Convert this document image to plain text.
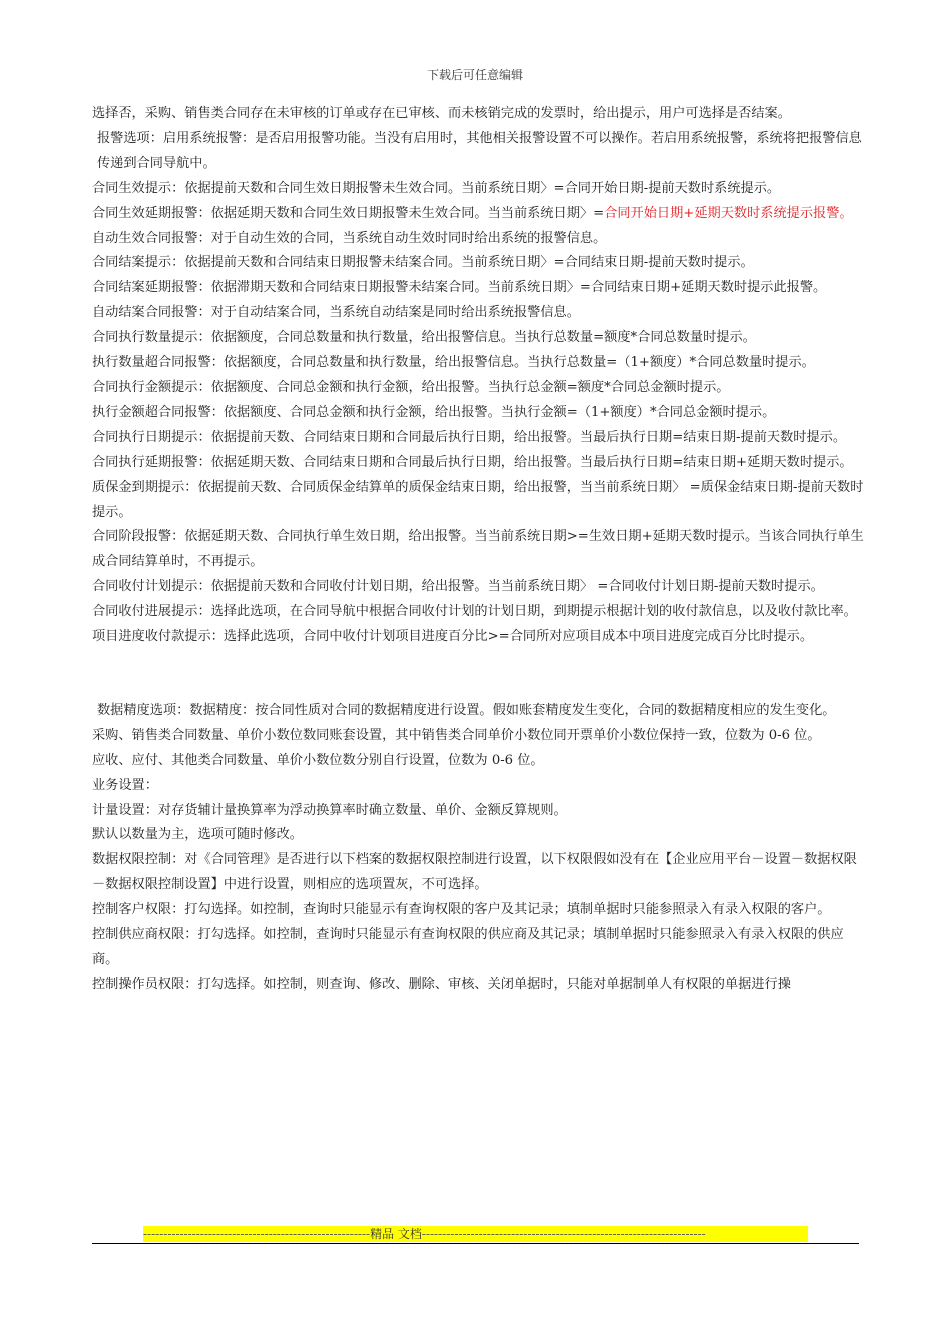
下载后可任意编辑

选择否，采购、销售类合同存在未审核的订单或存在已审核、而未核销完成的发票时，给出提示，用户可选择是否结案。

报警选项：启用系统报警：是否启用报警功能。当没有启用时，其他相关报警设置不可以操作。若启用系统报警，系统将把报警信息传递到合同导航中。

合同生效提示：依据提前天数和合同生效日期报警未生效合同。当前系统日期〉=合同开始日期-提前天数时系统提示。

合同生效延期报警：依据延期天数和合同生效日期报警未生效合同。当当前系统日期〉=合同开始日期+延期天数时系统提示报警。

自动生效合同报警：对于自动生效的合同，当系统自动生效时同时给出系统的报警信息。

合同结案提示：依据提前天数和合同结束日期报警未结案合同。当前系统日期〉=合同结束日期-提前天数时提示。

合同结案延期报警：依据滞期天数和合同结束日期报警未结案合同。当前系统日期〉=合同结束日期+延期天数时提示此报警。

自动结案合同报警：对于自动结案合同，当系统自动结案是同时给出系统报警信息。

合同执行数量提示：依据额度，合同总数量和执行数量，给出报警信息。当执行总数量=额度*合同总数量时提示。

执行数量超合同报警：依据额度，合同总数量和执行数量，给出报警信息。当执行总数量=（1+额度）*合同总数量时提示。

合同执行金额提示：依据额度、合同总金额和执行金额，给出报警。当执行总金额=额度*合同总金额时提示。

执行金额超合同报警：依据额度、合同总金额和执行金额，给出报警。当执行金额=（1+额度）*合同总金额时提示。

合同执行日期提示：依据提前天数、合同结束日期和合同最后执行日期，给出报警。当最后执行日期=结束日期-提前天数时提示。

合同执行延期报警：依据延期天数、合同结束日期和合同最后执行日期，给出报警。当最后执行日期=结束日期+延期天数时提示。

质保金到期提示：依据提前天数、合同质保金结算单的质保金结束日期，给出报警，当当前系统日期〉 =质保金结束日期-提前天数时提示。

合同阶段报警：依据延期天数、合同执行单生效日期，给出报警。当当前系统日期>=生效日期+延期天数时提示。当该合同执行单生成合同结算单时，不再提示。

合同收付计划提示：依据提前天数和合同收付计划日期，给出报警。当当前系统日期〉 =合同收付计划日期-提前天数时提示。

合同收付进展提示：选择此选项，在合同导航中根据合同收付计划的计划日期，到期提示根据计划的收付款信息，以及收付款比率。

项目进度收付款提示：选择此选项，合同中收付计划项目进度百分比>=合同所对应项目成本中项目进度完成百分比时提示。

数据精度选项：数据精度：按合同性质对合同的数据精度进行设置。假如账套精度发生变化，合同的数据精度相应的发生变化。

采购、销售类合同数量、单价小数位数同账套设置，其中销售类合同单价小数位同开票单价小数位保持一致，位数为 0-6 位。

应收、应付、其他类合同数量、单价小数位数分别自行设置，位数为 0-6 位。

业务设置：

计量设置：对存货辅计量换算率为浮动换算率时确立数量、单价、金额反算规则。

默认以数量为主，选项可随时修改。

数据权限控制：对《合同管理》是否进行以下档案的数据权限控制进行设置，以下权限假如没有在【企业应用平台－设置－数据权限－数据权限控制设置】中进行设置，则相应的选项置灰，不可选择。

控制客户权限：打勾选择。如控制，查询时只能显示有查询权限的客户及其记录；填制单据时只能参照录入有录入权限的客户。

控制供应商权限：打勾选择。如控制，查询时只能显示有查询权限的供应商及其记录；填制单据时只能参照录入有录入权限的供应商。

控制操作员权限：打勾选择。如控制，则查询、修改、删除、审核、关闭单据时，只能对单据制单人有权限的单据进行操

--------------------------------------------------------精品 文档----------------------------------------------------------------------
